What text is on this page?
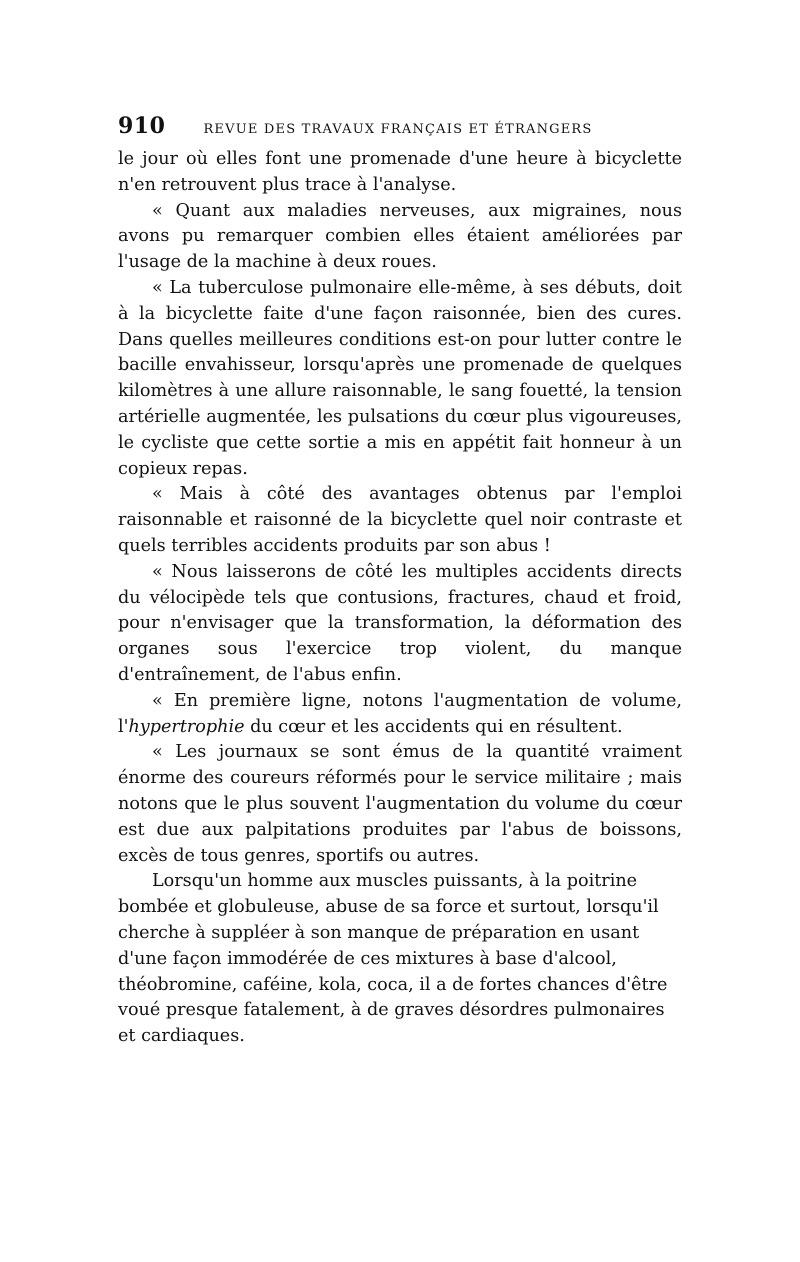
910	REVUE DES TRAVAUX FRANÇAIS ET ÉTRANGERS

le jour où elles font une promenade d'une heure à bicyclette n'en retrouvent plus trace à l'analyse.

« Quant aux maladies nerveuses, aux migraines, nous avons pu remarquer combien elles étaient améliorées par l'usage de la machine à deux roues.

« La tuberculose pulmonaire elle-même, à ses débuts, doit à la bicyclette faite d'une façon raisonnée, bien des cures. Dans quelles meilleures conditions est-on pour lutter contre le bacille envahisseur, lorsqu'après une promenade de quelques kilomètres à une allure raisonnable, le sang fouetté, la tension artérielle augmentée, les pulsations du cœur plus vigoureuses, le cycliste que cette sortie a mis en appétit fait honneur à un copieux repas.

« Mais à côté des avantages obtenus par l'emploi raisonnable et raisonné de la bicyclette quel noir contraste et quels terribles accidents produits par son abus !

« Nous laisserons de côté les multiples accidents directs du vélocipède tels que contusions, fractures, chaud et froid, pour n'envisager que la transformation, la déformation des organes sous l'exercice trop violent, du manque d'entraînement, de l'abus enfin.

« En première ligne, notons l'augmentation de volume, l'hypertrophie du cœur et les accidents qui en résultent.

« Les journaux se sont émus de la quantité vraiment énorme des coureurs réformés pour le service militaire ; mais notons que le plus souvent l'augmentation du volume du cœur est due aux palpitations produites par l'abus de boissons, excès de tous genres, sportifs ou autres.

Lorsqu'un homme aux muscles puissants, à la poitrine bombée et globuleuse, abuse de sa force et surtout, lorsqu'il cherche à suppléer à son manque de préparation en usant d'une façon immodérée de ces mixtures à base d'alcool, théobromine, caféine, kola, coca, il a de fortes chances d'être voué presque fatalement, à de graves désordres pulmonaires et cardiaques.
